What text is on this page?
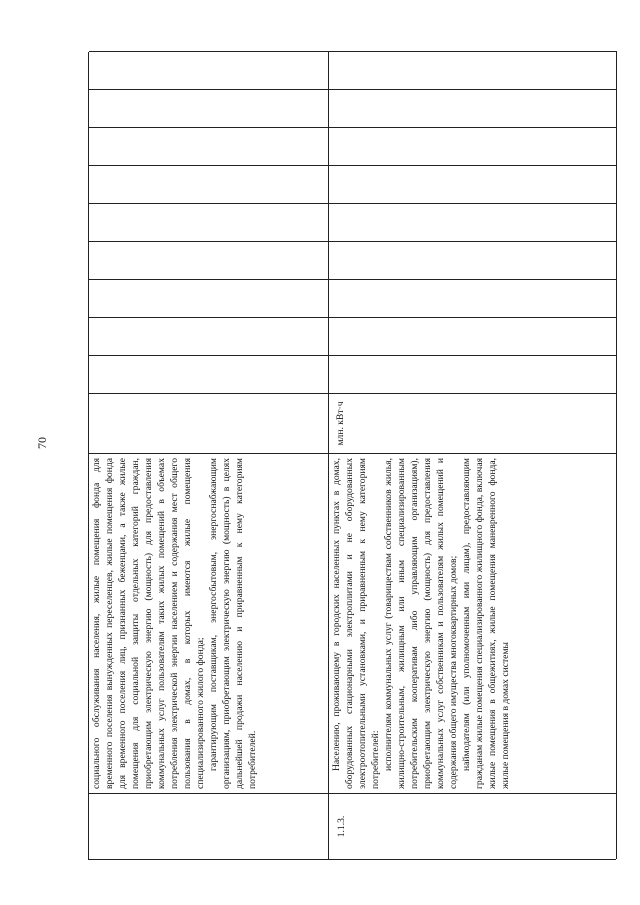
70

социального обслуживания населения, жилые помещения фонда для временного поселения вынужденных переселенцев, жилые помещения фонда для временного поселения лиц, признанных беженцами, а также жилые помещения для социальной защиты отдельных категорий граждан, приобретающим электрическую энергию (мощность) для предоставления коммунальных услуг пользователям таких жилых помещений в объемах потребления электрической энергии населением и содержания мест общего пользования в домах, в которых имеются жилые помещения специализированного жилого фонда; гарантирующим поставщикам, энергосбытовым, энергоснабжающим организациям, приобретающим электрическую энергию (мощность) в целях дальнейшей продажи населению и приравненным к нему категориям потребителей.

1.1.3.

Населению, проживающему в городских населенных пунктах в домах, оборудованных стационарными электроплитами и не оборудованных электроотопительными установками, и приравненным к нему категориям потребителей: исполнителям коммунальных услуг (товариществам собственников жилья, жилищно-строительным, жилищным или иным специализированным потребительским кооперативам либо управляющим организациям), приобретающим электрическую энергию (мощность) для предоставления коммунальных услуг собственникам и пользователям жилых помещений и содержания общего имущества многоквартирных домов; наймодателям (или уполномоченным ими лицам), предоставляющим гражданам жилые помещения специализированного жилищного фонда, включая жилые помещения в общежитиях, жилые помещения маневренного фонда, жилые помещения в домах системы

млн. кВт·ч
